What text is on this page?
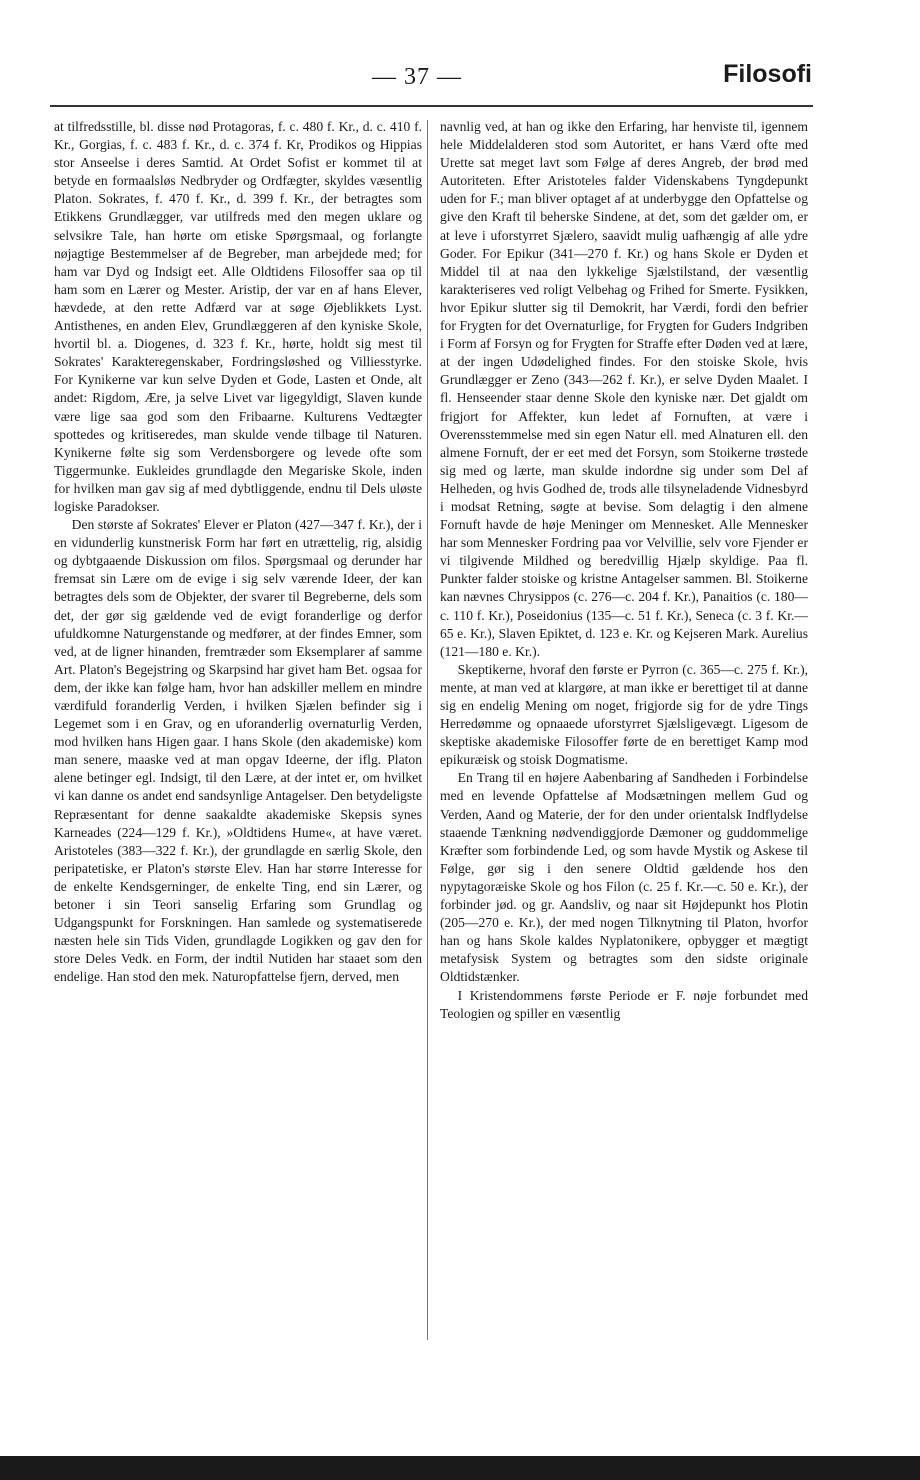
— 37 —	Filosofi

at tilfredsstille, bl. disse nød Protagoras, f. c. 480 f. Kr., d. c. 410 f. Kr., Gorgias, f. c. 483 f. Kr., d. c. 374 f. Kr, Prodikos og Hippias stor Anseelse i deres Samtid. At Ordet Sofist er kommet til at betyde en formaalsløs Nedbryder og Ordfægter, skyldes væsentlig Platon. Sokrates, f. 470 f. Kr., d. 399 f. Kr., der betragtes som Etikkens Grundlægger, var utilfreds med den megen uklare og selvsikre Tale, han hørte om etiske Spørgsmaal, og forlangte nøjagtige Bestemmelser af de Begreber, man arbejdede med; for ham var Dyd og Indsigt eet. Alle Oldtidens Filosoffer saa op til ham som en Lærer og Mester. Aristip, der var en af hans Elever, hævdede, at den rette Adfærd var at søge Øjeblikkets Lyst. Antisthenes, en anden Elev, Grundlæggeren af den kyniske Skole, hvortil bl. a. Diogenes, d. 323 f. Kr., hørte, holdt sig mest til Sokrates' Karakteregenskaber, Fordringsløshed og Villiesstyrke. For Kynikerne var kun selve Dyden et Gode, Lasten et Onde, alt andet: Rigdom, Ære, ja selve Livet var ligegyldigt, Slaven kunde være lige saa god som den Fribaarne. Kulturens Vedtægter spottedes og kritiseredes, man skulde vende tilbage til Naturen. Kynikerne følte sig som Verdensborgere og levede ofte som Tiggermunke. Eukleides grundlagde den Megariske Skole, inden for hvilken man gav sig af med dybtliggende, endnu til Dels uløste logiske Paradokser.

Den største af Sokrates' Elever er Platon (427—347 f. Kr.), der i en vidunderlig kunstnerisk Form har ført en utrættelig, rig, alsidig og dybtgaaende Diskussion om filos. Spørgsmaal og derunder har fremsat sin Lære om de evige i sig selv værende Ideer, der kan betragtes dels som de Objekter, der svarer til Begreberne, dels som det, der gør sig gældende ved de evigt foranderlige og derfor ufuldkomne Naturgenstande og medfører, at der findes Emner, som ved, at de ligner hinanden, fremtræder som Eksemplarer af samme Art. Platon's Begejstring og Skarpsind har givet ham Bet. ogsaa for dem, der ikke kan følge ham, hvor han adskiller mellem en mindre værdifuld foranderlig Verden, i hvilken Sjælen befinder sig i Legemet som i en Grav, og en uforanderlig overnaturlig Verden, mod hvilken hans Higen gaar. I hans Skole (den akademiske) kom man senere, maaske ved at man opgav Ideerne, der iflg. Platon alene betinger egl. Indsigt, til den Lære, at der intet er, om hvilket vi kan danne os andet end sandsynlige Antagelser. Den betydeligste Repræsentant for denne saakaldte akademiske Skepsis synes Karneades (224—129 f. Kr.), »Oldtidens Hume«, at have været. Aristoteles (383—322 f. Kr.), der grundlagde en særlig Skole, den peripatetiske, er Platon's største Elev. Han har større Interesse for de enkelte Kendsgerninger, de enkelte Ting, end sin Lærer, og betoner i sin Teori sanselig Erfaring som Grundlag og Udgangspunkt for Forskningen. Han samlede og systematiserede næsten hele sin Tids Viden, grundlagde Logikken og gav den for store Deles Vedk. en Form, der indtil Nutiden har staaet som den endelige. Han stod den mek. Naturopfattelse fjern, derved, men

navnlig ved, at han og ikke den Erfaring, har henviste til, igennem hele Middelalderen stod som Autoritet, er hans Værd ofte med Urette sat meget lavt som Følge af deres Angreb, der brød med Autoriteten. Efter Aristoteles falder Videnskabens Tyngdepunkt uden for F.; man bliver optaget af at underbygge den Opfattelse og give den Kraft til beherske Sindene, at det, som det gælder om, er at leve i uforstyrret Sjælero, saavidt mulig uafhængig af alle ydre Goder. For Epikur (341—270 f. Kr.) og hans Skole er Dyden et Middel til at naa den lykkelige Sjælstilstand, der væsentlig karakteriseres ved roligt Velbehag og Frihed for Smerte. Fysikken, hvor Epikur slutter sig til Demokrit, har Værdi, fordi den befrier for Frygten for det Overnaturlige, for Frygten for Guders Indgriben i Form af Forsyn og for Frygten for Straffe efter Døden ved at lære, at der ingen Udødelighed findes. For den stoiske Skole, hvis Grundlægger er Zeno (343—262 f. Kr.), er selve Dyden Maalet. I fl. Henseender staar denne Skole den kyniske nær. Det gjaldt om frigjort for Affekter, kun ledet af Fornuften, at være i Overensstemmelse med sin egen Natur ell. med Alnaturen ell. den almene Fornuft, der er eet med det Forsyn, som Stoikerne trøstede sig med og lærte, man skulde indordne sig under som Del af Helheden, og hvis Godhed de, trods alle tilsyneladende Vidnesbyrd i modsat Retning, søgte at bevise. Som delagtig i den almene Fornuft havde de høje Meninger om Mennesket. Alle Mennesker har som Mennesker Fordring paa vor Velvillie, selv vore Fjender er vi tilgivende Mildhed og beredvillig Hjælp skyldige. Paa fl. Punkter falder stoiske og kristne Antagelser sammen. Bl. Stoikerne kan nævnes Chrysippos (c. 276—c. 204 f. Kr.), Panaitios (c. 180—c. 110 f. Kr.), Poseidonius (135—c. 51 f. Kr.), Seneca (c. 3 f. Kr.—65 e. Kr.), Slaven Epiktet, d. 123 e. Kr. og Kejseren Mark. Aurelius (121—180 e. Kr.).

Skeptikerne, hvoraf den første er Pyrron (c. 365—c. 275 f. Kr.), mente, at man ved at klargøre, at man ikke er berettiget til at danne sig en endelig Mening om noget, frigjorde sig for de ydre Tings Herredømme og opnaaede uforstyrret Sjælsligevægt. Ligesom de skeptiske akademiske Filosoffer førte de en berettiget Kamp mod epikuræisk og stoisk Dogmatisme.

En Trang til en højere Aabenbaring af Sandheden i Forbindelse med en levende Opfattelse af Modsætningen mellem Gud og Verden, Aand og Materie, der for den under orientalsk Indflydelse staaende Tænkning nødvendiggjorde Dæmoner og guddommelige Kræfter som forbindende Led, og som havde Mystik og Askese til Følge, gør sig i den senere Oldtid gældende hos den nypytagoræiske Skole og hos Filon (c. 25 f. Kr.—c. 50 e. Kr.), der forbinder jød. og gr. Aandsliv, og naar sit Højdepunkt hos Plotin (205—270 e. Kr.), der med nogen Tilknytning til Platon, hvorfor han og hans Skole kaldes Nyplatonikere, opbygger et mægtigt metafysisk System og betragtes som den sidste originale Oldtidstænker.

I Kristendommens første Periode er F. nøje forbundet med Teologien og spiller en væsentlig
